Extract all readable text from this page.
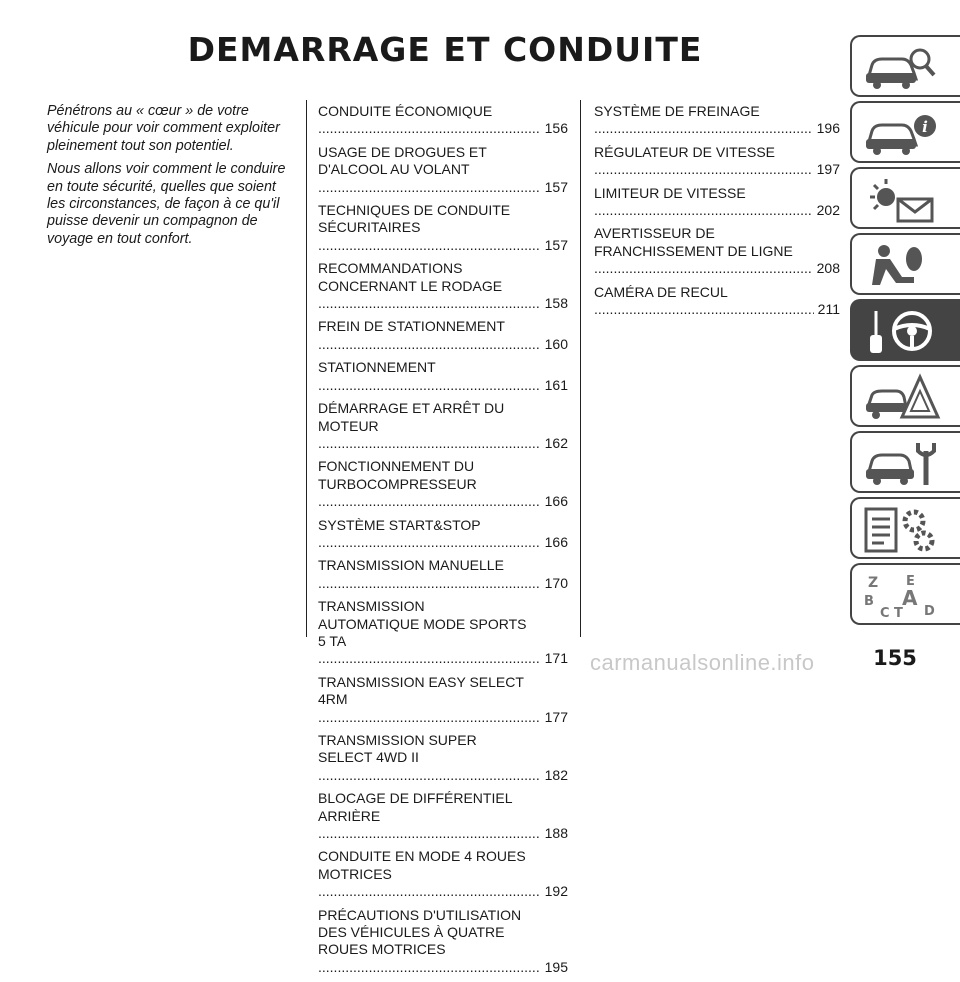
DEMARRAGE ET CONDUITE

Pénétrons au « cœur » de votre véhicule pour voir comment exploiter pleinement tout son potentiel.

Nous allons voir comment le conduire en toute sécurité, quelles que soient les circonstances, de façon à ce qu'il puisse devenir un compagnon de voyage en tout confort.

CONDUITE ÉCONOMIQUE .....
156
USAGE DE DROGUES ET
D'ALCOOL AU VOLANT .....
157
TECHNIQUES DE CONDUITE
SÉCURITAIRES .....
157
RECOMMANDATIONS
CONCERNANT LE RODAGE .....
158
FREIN DE STATIONNEMENT .....
160
STATIONNEMENT .....
161
DÉMARRAGE ET ARRÊT DU
MOTEUR .....
162
FONCTIONNEMENT DU
TURBOCOMPRESSEUR .....
166
SYSTÈME START&STOP .....
166
TRANSMISSION MANUELLE .....
170
TRANSMISSION
AUTOMATIQUE MODE SPORTS
5 TA .....
171
TRANSMISSION EASY SELECT
4RM .....
177
TRANSMISSION SUPER
SELECT 4WD II .....
182
BLOCAGE DE DIFFÉRENTIEL
ARRIÈRE .....
188
CONDUITE EN MODE 4 ROUES
MOTRICES .....
192
PRÉCAUTIONS D'UTILISATION
DES VÉHICULES À QUATRE
ROUES MOTRICES .....
195
SYSTÈME DE FREINAGE .....
196
RÉGULATEUR DE VITESSE .....
197
LIMITEUR DE VITESSE .....
202
AVERTISSEUR DE
FRANCHISSEMENT DE LIGNE .....
208
CAMÉRA DE RECUL .....
211
i
Z E
B A
C T D
155
carmanualsonline.info
